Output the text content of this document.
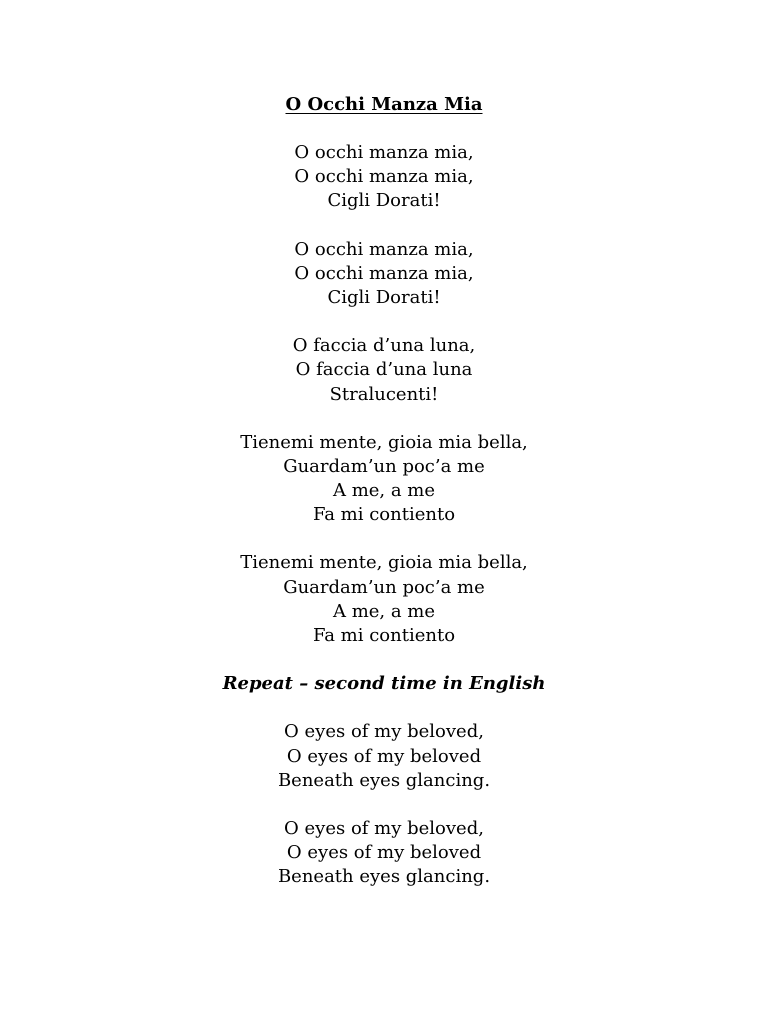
O Occhi Manza Mia
O occhi manza mia,
O occhi manza mia,
Cigli Dorati!
O occhi manza mia,
O occhi manza mia,
Cigli Dorati!
O faccia d’una luna,
O faccia d’una luna
Stralucenti!
Tienemi mente, gioia mia bella,
Guardam’un poc’a me
A me, a me
Fa mi contiento
Tienemi mente, gioia mia bella,
Guardam’un poc’a me
A me, a me
Fa mi contiento
Repeat – second time in English
O eyes of my beloved,
O eyes of my beloved
Beneath eyes glancing.
O eyes of my beloved,
O eyes of my beloved
Beneath eyes glancing.
